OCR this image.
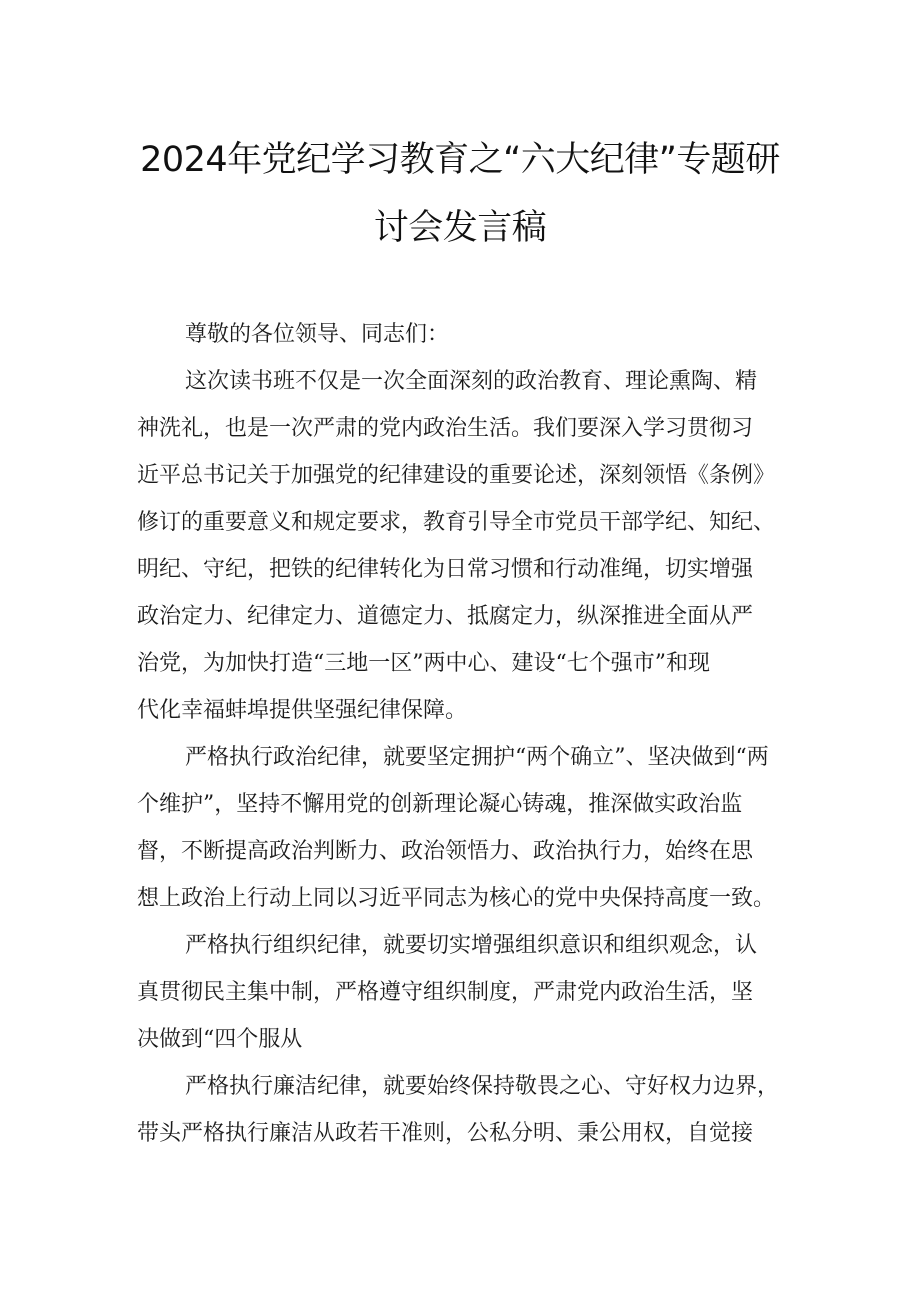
2024年党纪学习教育之“六大纪律”专题研
讨会发言稿
尊敬的各位领导、同志们：
这次读书班不仅是一次全面深刻的政治教育、理论熏陶、精
神洗礼，也是一次严肃的党内政治生活。我们要深入学习贯彻习
近平总书记关于加强党的纪律建设的重要论述，深刻领悟《条例》
修订的重要意义和规定要求，教育引导全市党员干部学纪、知纪、
明纪、守纪，把铁的纪律转化为日常习惯和行动准绳，切实增强
政治定力、纪律定力、道德定力、抵腐定力，纵深推进全面从严
治党，为加快打造“三地一区”两中心、建设“七个强市”和现
代化幸福蚌埠提供坚强纪律保障。
严格执行政治纪律，就要坚定拥护“两个确立”、坚决做到“两
个维护”，坚持不懈用党的创新理论凝心铸魂，推深做实政治监
督，不断提高政治判断力、政治领悟力、政治执行力，始终在思
想上政治上行动上同以习近平同志为核心的党中央保持高度一致。
严格执行组织纪律，就要切实增强组织意识和组织观念，认
真贯彻民主集中制，严格遵守组织制度，严肃党内政治生活，坚
决做到“四个服从
严格执行廉洁纪律，就要始终保持敬畏之心、守好权力边界，
带头严格执行廉洁从政若干准则，公私分明、秉公用权，自觉接
